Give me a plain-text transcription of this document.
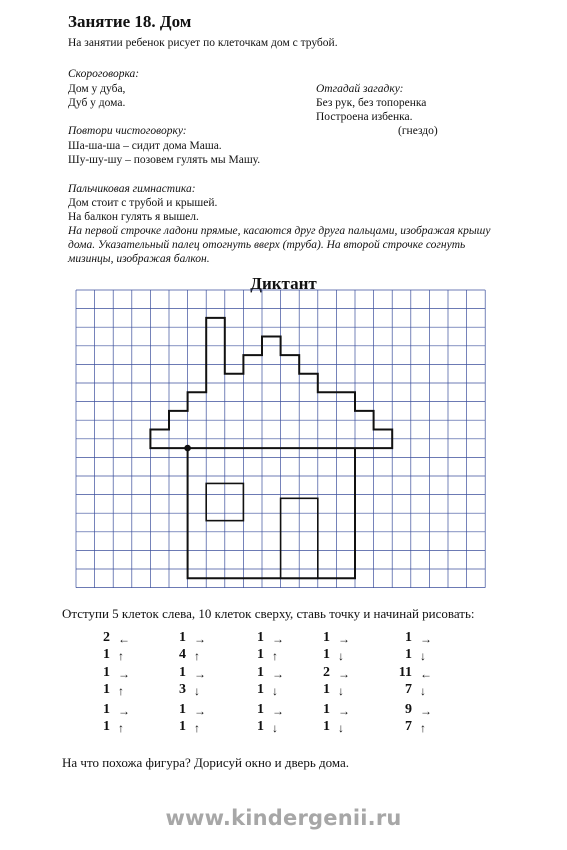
Занятие 18. Дом
На занятии ребенок рисует по клеточкам дом с трубой.
Скороговорка:
Дом у дуба,
Дуб у дома.
Отгадай загадку:
Без рук, без топоренка
Построена избенка.
(гнездо)
Повтори чистоговорку:
Ша-ша-ша – сидит дома Маша.
Шу-шу-шу – позовем гулять мы Машу.
Пальчиковая гимнастика:
Дом стоит с трубой и крышей.
На балкон гулять я вышел.
На первой строчке ладони прямые, касаются друг друга пальцами, изображая крышу
дома. Указательный палец отогнуть вверх (труба). На второй строчке согнуть
мизинцы, изображая балкон.
Диктант
Отступи 5 клеток слева, 10 клеток сверху, ставь точку и начинай рисовать:
2 ←
1 ↑
1 →
1 ↑
1 →
1 ↑
1 →
4 ↑
1 →
3 ↓
1 →
1 ↑
1 →
1 ↑
1 →
1 ↓
1 →
1 ↓
1 →
1 ↓
2 →
1 ↓
1 →
1 ↓
1 →
1 ↓
11 ←
7 ↓
9 →
7 ↑
На что похожа фигура? Дорисуй окно и дверь дома.
www.kindergenii.ru
